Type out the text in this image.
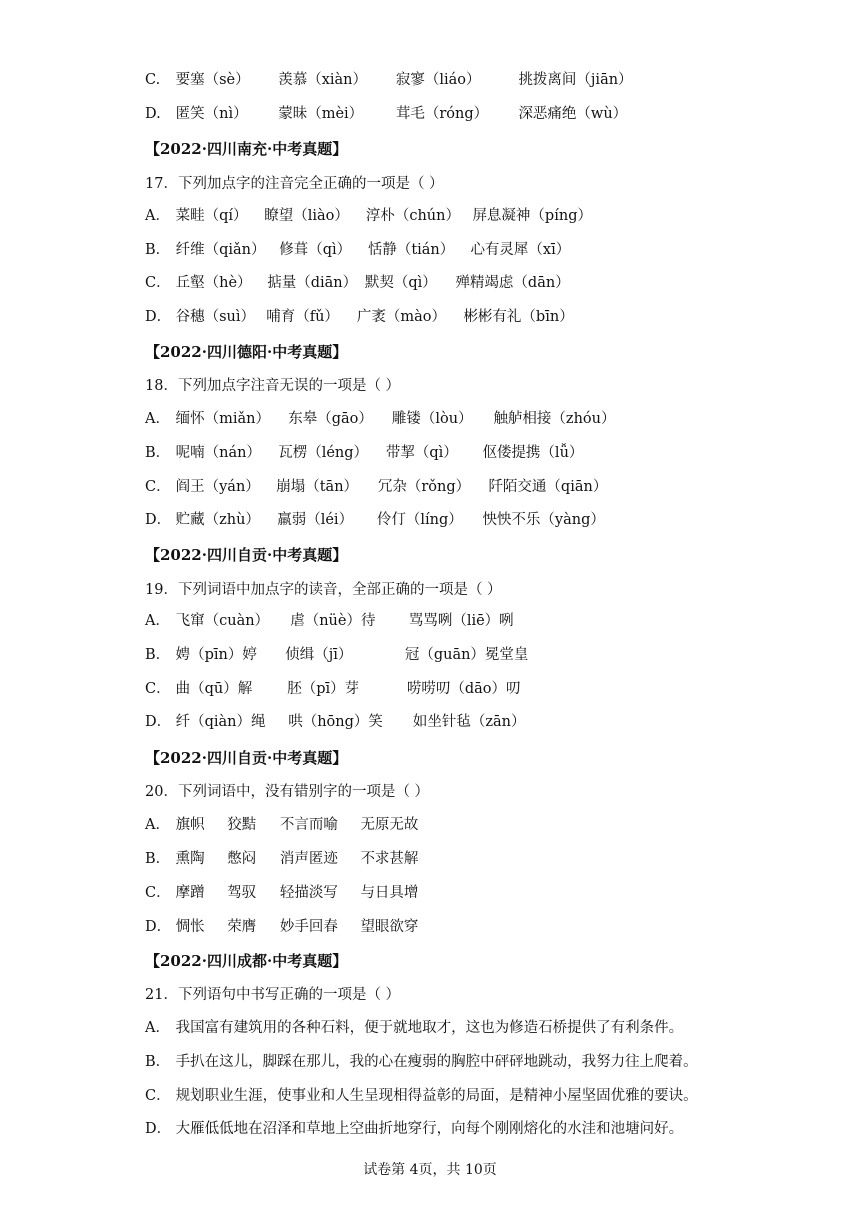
C. 要塞（sè） 羡慕（xiàn） 寂寥（liáo）	挑拨离间（jiān）
D. 匿笑（nì） 蒙昧（mèi） 茸毛（róng） 深恶痛绝（wù）
【2022·四川南充·中考真题】
17．下列加点字的注音完全正确的一项是（ ）
A． 菜畦（qí） 瞭望（liào） 淳朴（chún） 屏息凝神（píng）
B． 纤维（qiǎn） 修葺（qì） 恬静（tián） 心有灵犀（xī）
C． 丘壑（hè） 掂量（diān） 默契（qì） 殚精竭虑（dān）
D． 谷穗（suì） 哺育（fǔ） 广袤（mào） 彬彬有礼（bīn）
【2022·四川德阳·中考真题】
18．下列加点字注音无误的一项是（ ）
A． 缅怀（miǎn） 东皋（gāo） 雕镂（lòu） 触舻相接（zhóu）
B． 呢喃（nán） 瓦楞（léng） 带挈（qì） 伛偻提携（lǚ）
C． 阎王（yán） 崩塌（tān） 冗杂（rǒng） 阡陌交通（qiān）
D． 贮藏（zhù） 羸弱（léi） 伶仃（líng） 怏怏不乐（yàng）
【2022·四川自贡·中考真题】
19．下列词语中加点字的读音，全部正确的一项是（ ）
A． 飞窜（cuàn） 虐（nüè）待 骂骂咧（liē）咧
B． 娉（pīn）婷 侦缉（jī）	冠（guān）冕堂皇
C． 曲（qū）解 胚（pī）芽	唠唠叨（dāo）叨
D． 纤（qiàn）绳 哄（hōng）笑 如坐针毡（zān）
【2022·四川自贡·中考真题】
20．下列词语中，没有错别字的一项是（ ）
A． 旗帜 狡黠 不言而喻 无原无故
B． 熏陶 憋闷 消声匿迹 不求甚解
C． 摩蹭 驾驭 轻描淡写 与日具增
D． 惆怅 荣膺 妙手回春 望眼欲穿
【2022·四川成都·中考真题】
21．下列语句中书写正确的一项是（ ）
A． 我国富有建筑用的各种石料，便于就地取才，这也为修造石桥提供了有利条件。
B． 手扒在这儿，脚踩在那儿，我的心在瘦弱的胸腔中砰砰地跳动，我努力往上爬着。
C． 规划职业生涯，使事业和人生呈现相得益彰的局面，是精神小屋坚固优雅的要诀。
D． 大雁低低地在沼泽和草地上空曲折地穿行，向每个刚刚熔化的水洼和池塘问好。
试卷第 4页，共 10页
